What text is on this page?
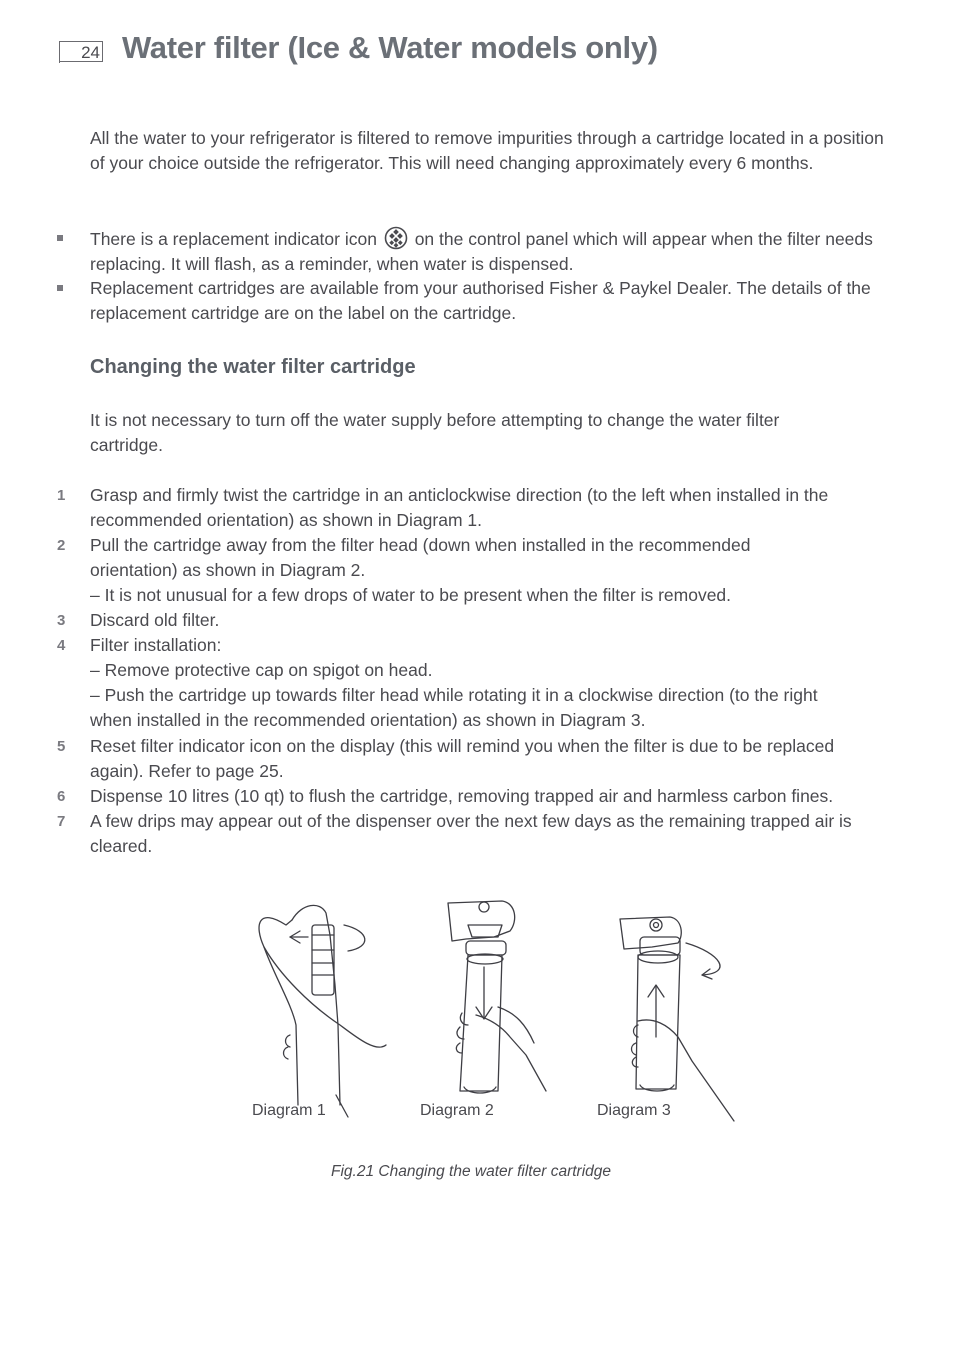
24 Water filter (Ice & Water models only)

All the water to your refrigerator is filtered to remove impurities through a cartridge located in a position of your choice outside the refrigerator. This will need changing approximately every 6 months.

There is a replacement indicator icon on the control panel which will appear when the filter needs replacing. It will flash, as a reminder, when water is dispensed.

Replacement cartridges are available from your authorised Fisher & Paykel Dealer. The details of the replacement cartridge are on the label on the cartridge.

Changing the water filter cartridge

It is not necessary to turn off the water supply before attempting to change the water filter cartridge.

1 Grasp and firmly twist the cartridge in an anticlockwise direction (to the left when installed in the recommended orientation) as shown in Diagram 1.

2 Pull the cartridge away from the filter head (down when installed in the recommended orientation) as shown in Diagram 2.

– It is not unusual for a few drops of water to be present when the filter is removed.

3 Discard old filter.

4 Filter installation:

– Remove protective cap on spigot on head.

– Push the cartridge up towards filter head while rotating it in a clockwise direction (to the right when installed in the recommended orientation) as shown in Diagram 3.

5 Reset filter indicator icon on the display (this will remind you when the filter is due to be replaced again). Refer to page 25.

6 Dispense 10 litres (10 qt) to flush the cartridge, removing trapped air and harmless carbon fines.

7 A few drips may appear out of the dispenser over the next few days as the remaining trapped air is cleared.

Diagram 1	Diagram 2	Diagram 3

Fig.21 Changing the water filter cartridge
